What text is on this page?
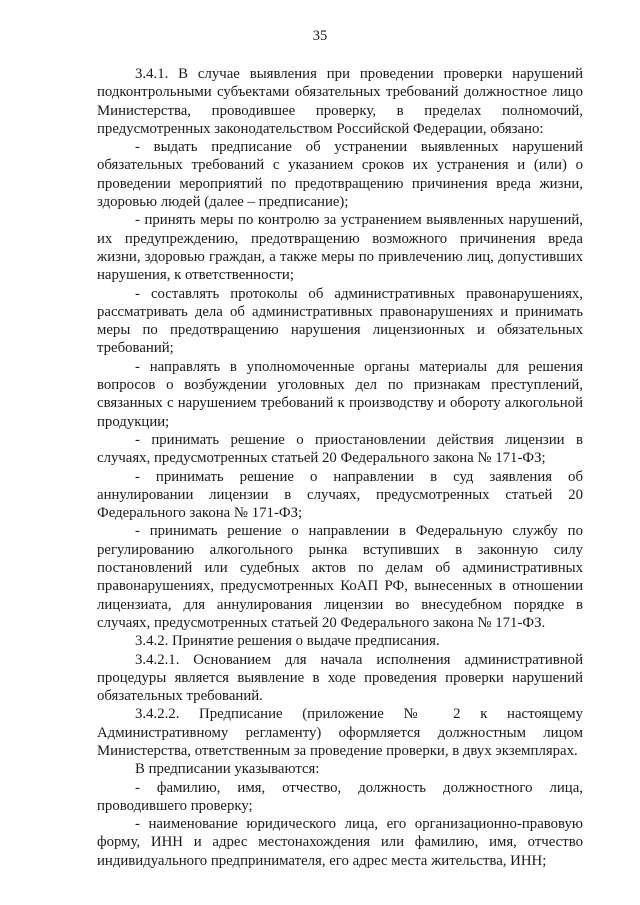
35

3.4.1. В случае выявления при проведении проверки нарушений подконтрольными субъектами обязательных требований должностное лицо Министерства, проводившее проверку, в пределах полномочий, предусмотренных законодательством Российской Федерации, обязано:

- выдать предписание об устранении выявленных нарушений обязательных требований с указанием сроков их устранения и (или) о проведении мероприятий по предотвращению причинения вреда жизни, здоровью людей (далее – предписание);

- принять меры по контролю за устранением выявленных нарушений, их предупреждению, предотвращению возможного причинения вреда жизни, здоровью граждан, а также меры по привлечению лиц, допустивших нарушения, к ответственности;

- составлять протоколы об административных правонарушениях, рассматривать дела об административных правонарушениях и принимать меры по предотвращению нарушения лицензионных и обязательных требований;

- направлять в уполномоченные органы материалы для решения вопросов о возбуждении уголовных дел по признакам преступлений, связанных с нарушением требований к производству и обороту алкогольной продукции;

- принимать решение о приостановлении действия лицензии в случаях, предусмотренных статьей 20 Федерального закона № 171-ФЗ;

- принимать решение о направлении в суд заявления об аннулировании лицензии в случаях, предусмотренных статьей 20 Федерального закона № 171-ФЗ;

- принимать решение о направлении в Федеральную службу по регулированию алкогольного рынка вступивших в законную силу постановлений или судебных актов по делам об административных правонарушениях, предусмотренных КоАП РФ, вынесенных в отношении лицензиата, для аннулирования лицензии во внесудебном порядке в случаях, предусмотренных статьей 20 Федерального закона № 171-ФЗ.

3.4.2. Принятие решения о выдаче предписания.

3.4.2.1. Основанием для начала исполнения административной процедуры является выявление в ходе проведения проверки нарушений обязательных требований.

3.4.2.2. Предписание (приложение № 2 к настоящему Административному регламенту) оформляется должностным лицом Министерства, ответственным за проведение проверки, в двух экземплярах.

В предписании указываются:

- фамилию, имя, отчество, должность должностного лица, проводившего проверку;

- наименование юридического лица, его организационно-правовую форму, ИНН и адрес местонахождения или фамилию, имя, отчество индивидуального предпринимателя, его адрес места жительства, ИНН;
